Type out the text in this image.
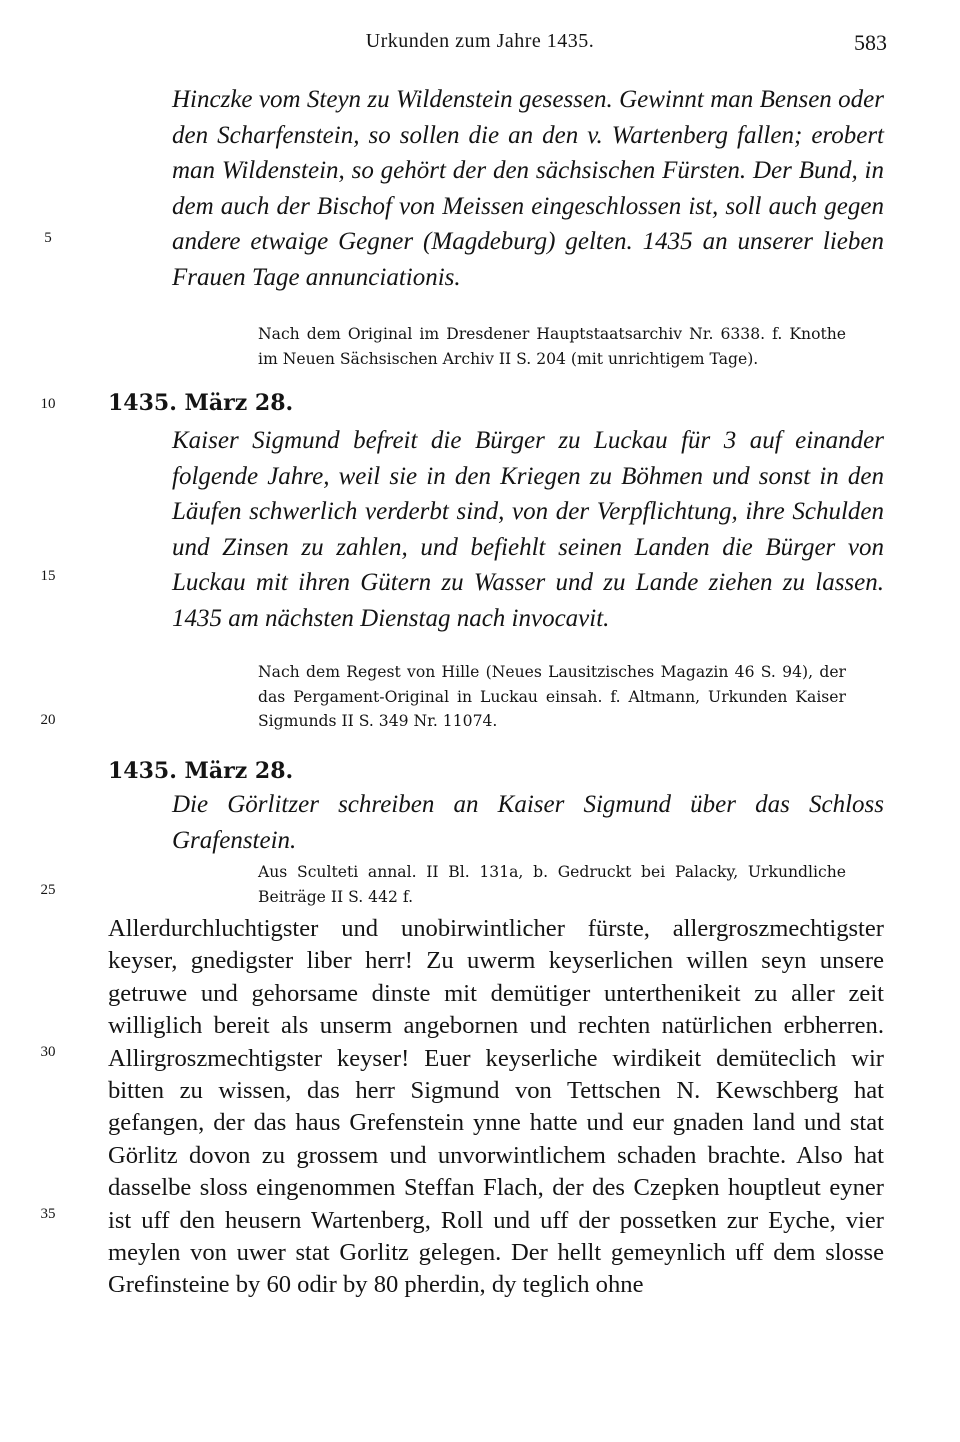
Urkunden zum Jahre 1435.	583
5
10
15
20
25
30
35

Hinczke vom Steyn zu Wildenstein gesessen. Gewinnt man Bensen oder den Scharfenstein, so sollen die an den v. Wartenberg fallen; erobert man Wildenstein, so gehört der den sächsischen Fürsten. Der Bund, in dem auch der Bischof von Meissen eingeschlossen ist, soll auch gegen andere etwaige Gegner (Magdeburg) gelten. 1435 an unserer lieben Frauen Tage annunciationis.

Nach dem Original im Dresdener Hauptstaatsarchiv Nr. 6338. f. Knothe im Neuen Sächsischen Archiv II S. 204 (mit unrichtigem Tage).

1435. März 28.

Kaiser Sigmund befreit die Bürger zu Luckau für 3 auf einander folgende Jahre, weil sie in den Kriegen zu Böhmen und sonst in den Läufen schwerlich verderbt sind, von der Verpflichtung, ihre Schulden und Zinsen zu zahlen, und befiehlt seinen Landen die Bürger von Luckau mit ihren Gütern zu Wasser und zu Lande ziehen zu lassen. 1435 am nächsten Dienstag nach invocavit.

Nach dem Regest von Hille (Neues Lausitzisches Magazin 46 S. 94), der das Pergament-Original in Luckau einsah. f. Altmann, Urkunden Kaiser Sigmunds II S. 349 Nr. 11074.

1435. März 28.

Die Görlitzer schreiben an Kaiser Sigmund über das Schloss Grafenstein.

Aus Sculteti annal. II Bl. 131a, b. Gedruckt bei Palacky, Urkundliche Beiträge II S. 442 f.

Allerdurchluchtigster und unobirwintlicher fürste, allergroszmechtigster keyser, gnedigster liber herr! Zu uwerm keyserlichen willen seyn unsere getruwe und gehorsame dinste mit demütiger unterthenikeit zu aller zeit williglich bereit als unserm angebornen und rechten natürlichen erbherren. Allirgroszmechtigster keyser! Euer keyserliche wirdikeit demüteclich wir bitten zu wissen, das herr Sigmund von Tettschen N. Kewschberg hat gefangen, der das haus Grefenstein ynne hatte und eur gnaden land und stat Görlitz dovon zu grossem und unvorwintlichem schaden brachte. Also hat dasselbe sloss eingenommen Steffan Flach, der des Czepken houptleut eyner ist uff den heusern Wartenberg, Roll und uff der possetken zur Eyche, vier meylen von uwer stat Gorlitz gelegen. Der hellt gemeynlich uff dem slosse Grefinsteine by 60 odir by 80 pherdin, dy teglich ohne
